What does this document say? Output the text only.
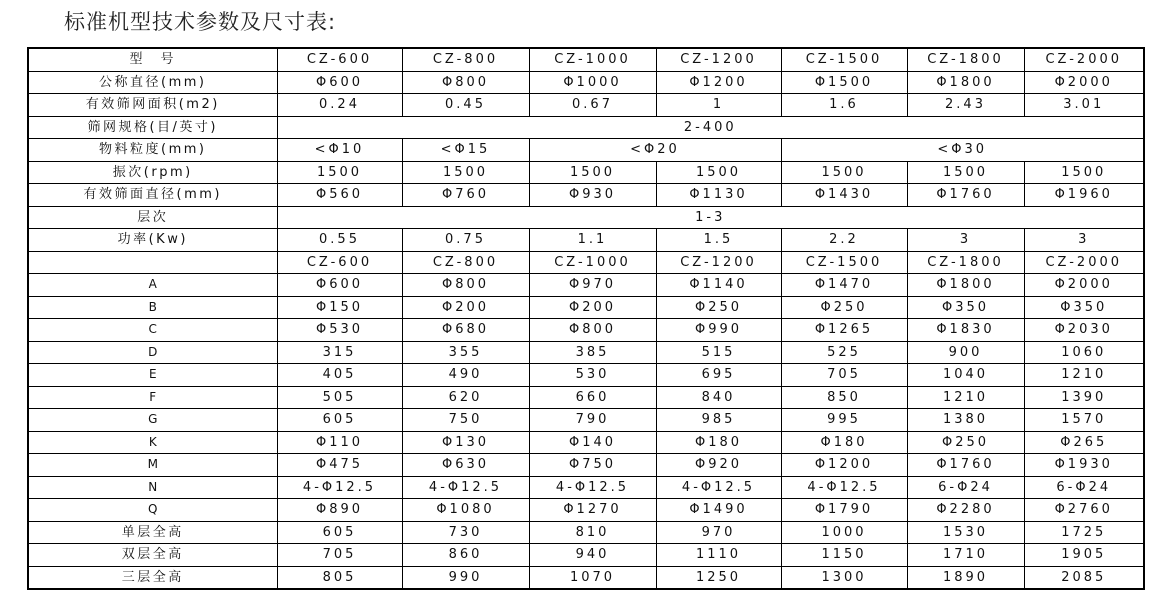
标准机型技术参数及尺寸表:
型　号	CZ-600	CZ-800	CZ-1000	CZ-1200	CZ-1500	CZ-1800	CZ-2000
公称直径(mm)	Φ600	Φ800	Φ1000	Φ1200	Φ1500	Φ1800	Φ2000
有效筛网面积(m2)	0.24	0.45	0.67	1	1.6	2.43	3.01
筛网规格(目/英寸)	2-400						
物料粒度(mm)	<Φ10	<Φ15	<Φ20		<Φ30		
振次(rpm)	1500	1500	1500	1500	1500	1500	1500
有效筛面直径(mm)	Φ560	Φ760	Φ930	Φ1130	Φ1430	Φ1760	Φ1960
层次	1-3						
功率(Kw)	0.55	0.75	1.1	1.5	2.2	3	3
	CZ-600	CZ-800	CZ-1000	CZ-1200	CZ-1500	CZ-1800	CZ-2000
A	Φ600	Φ800	Φ970	Φ1140	Φ1470	Φ1800	Φ2000
B	Φ150	Φ200	Φ200	Φ250	Φ250	Φ350	Φ350
C	Φ530	Φ680	Φ800	Φ990	Φ1265	Φ1830	Φ2030
D	315	355	385	515	525	900	1060
E	405	490	530	695	705	1040	1210
F	505	620	660	840	850	1210	1390
G	605	750	790	985	995	1380	1570
K	Φ110	Φ130	Φ140	Φ180	Φ180	Φ250	Φ265
M	Φ475	Φ630	Φ750	Φ920	Φ1200	Φ1760	Φ1930
N	4-Φ12.5	4-Φ12.5	4-Φ12.5	4-Φ12.5	4-Φ12.5	6-Φ24	6-Φ24
Q	Φ890	Φ1080	Φ1270	Φ1490	Φ1790	Φ2280	Φ2760
单层全高	605	730	810	970	1000	1530	1725
双层全高	705	860	940	1110	1150	1710	1905
三层全高	805	990	1070	1250	1300	1890	2085
